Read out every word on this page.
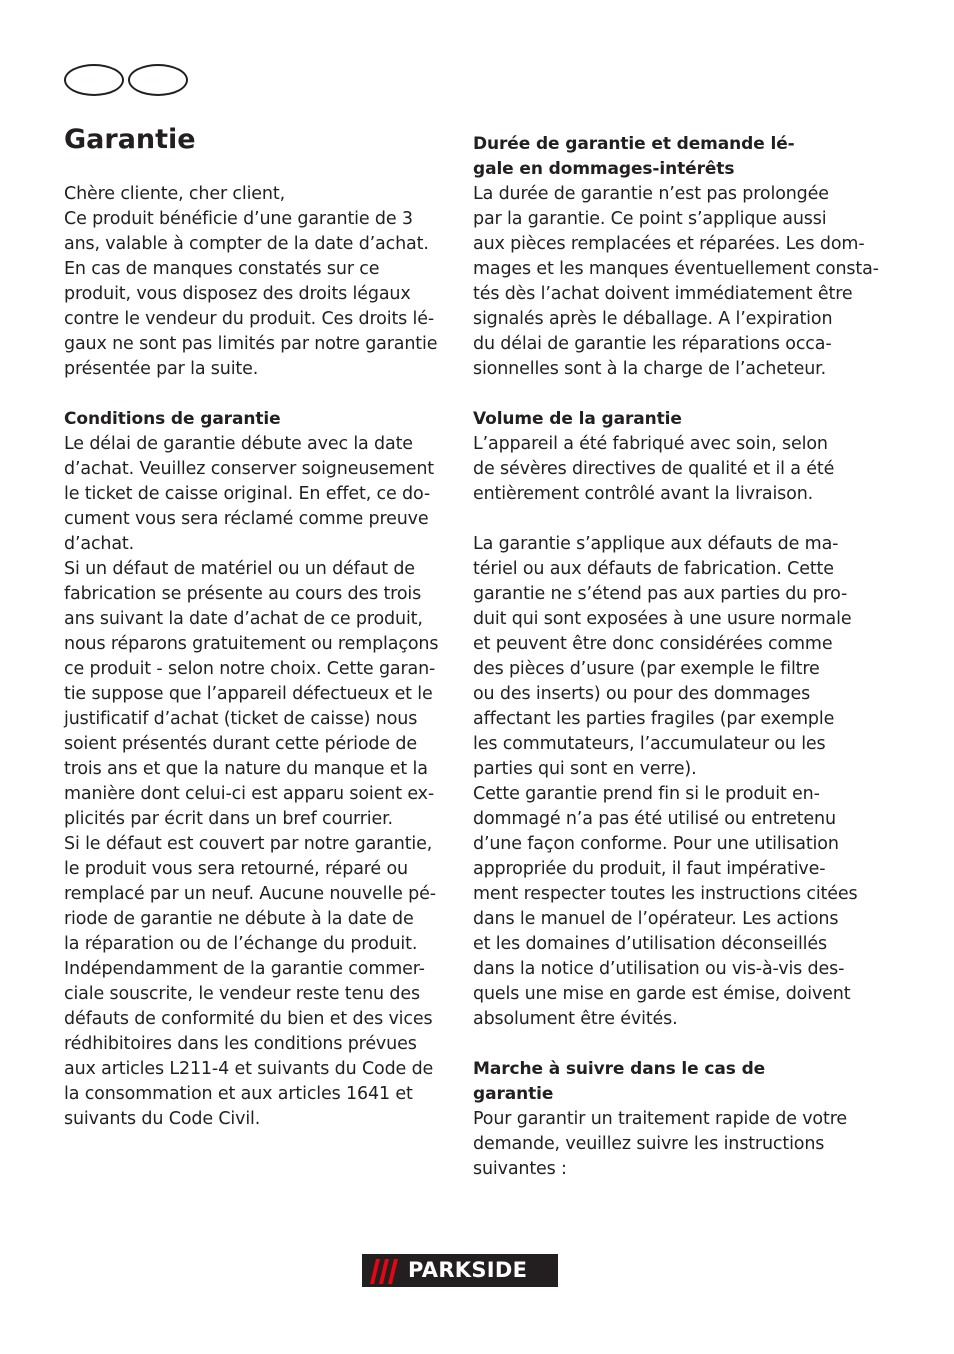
Garantie

Chère cliente, cher client,

Ce produit bénéficie d’une garantie de 3

ans, valable à compter de la date d’achat.

En cas de manques constatés sur ce

produit, vous disposez des droits légaux

contre le vendeur du produit. Ces droits lé-

gaux ne sont pas limités par notre garantie

présentée par la suite.

Conditions de garantie

Le délai de garantie débute avec la date

d’achat. Veuillez conserver soigneusement

le ticket de caisse original. En effet, ce do-

cument vous sera réclamé comme preuve

d’achat.

Si un défaut de matériel ou un défaut de

fabrication se présente au cours des trois

ans suivant la date d’achat de ce produit,

nous réparons gratuitement ou remplaçons

ce produit - selon notre choix. Cette garan-

tie suppose que l’appareil défectueux et le

justificatif d’achat (ticket de caisse) nous

soient présentés durant cette période de

trois ans et que la nature du manque et la

manière dont celui-ci est apparu soient ex-

plicités par écrit dans un bref courrier.

Si le défaut est couvert par notre garantie,

le produit vous sera retourné, réparé ou

remplacé par un neuf. Aucune nouvelle pé-

riode de garantie ne débute à la date de

la réparation ou de l’échange du produit.

Indépendamment de la garantie commer-

ciale souscrite, le vendeur reste tenu des

défauts de conformité du bien et des vices

rédhibitoires dans les conditions prévues

aux articles L211-4 et suivants du Code de

la consommation et aux articles 1641 et

suivants du Code Civil.

Durée de garantie et demande lé-

gale en dommages-intérêts

La durée de garantie n’est pas prolongée

par la garantie. Ce point s’applique aussi

aux pièces remplacées et réparées. Les dom-

mages et les manques éventuellement consta-

tés dès l’achat doivent immédiatement être

signalés après le déballage. A l’expiration

du délai de garantie les réparations occa-

sionnelles sont à la charge de l’acheteur.

Volume de la garantie

L’appareil a été fabriqué avec soin, selon

de sévères directives de qualité et il a été

entièrement contrôlé avant la livraison.

La garantie s’applique aux défauts de ma-

tériel ou aux défauts de fabrication. Cette

garantie ne s’étend pas aux parties du pro-

duit qui sont exposées à une usure normale

et peuvent être donc considérées comme

des pièces d’usure (par exemple le filtre

ou des inserts) ou pour des dommages

affectant les parties fragiles (par exemple

les commutateurs, l’accumulateur ou les

parties qui sont en verre).

Cette garantie prend fin si le produit en-

dommagé n’a pas été utilisé ou entretenu

d’une façon conforme. Pour une utilisation

appropriée du produit, il faut impérative-

ment respecter toutes les instructions citées

dans le manuel de l’opérateur. Les actions

et les domaines d’utilisation déconseillés

dans la notice d’utilisation ou vis-à-vis des-

quels une mise en garde est émise, doivent

absolument être évités.

Marche à suivre dans le cas de

garantie

Pour garantir un traitement rapide de votre

demande, veuillez suivre les instructions

suivantes :

PARKSIDE
